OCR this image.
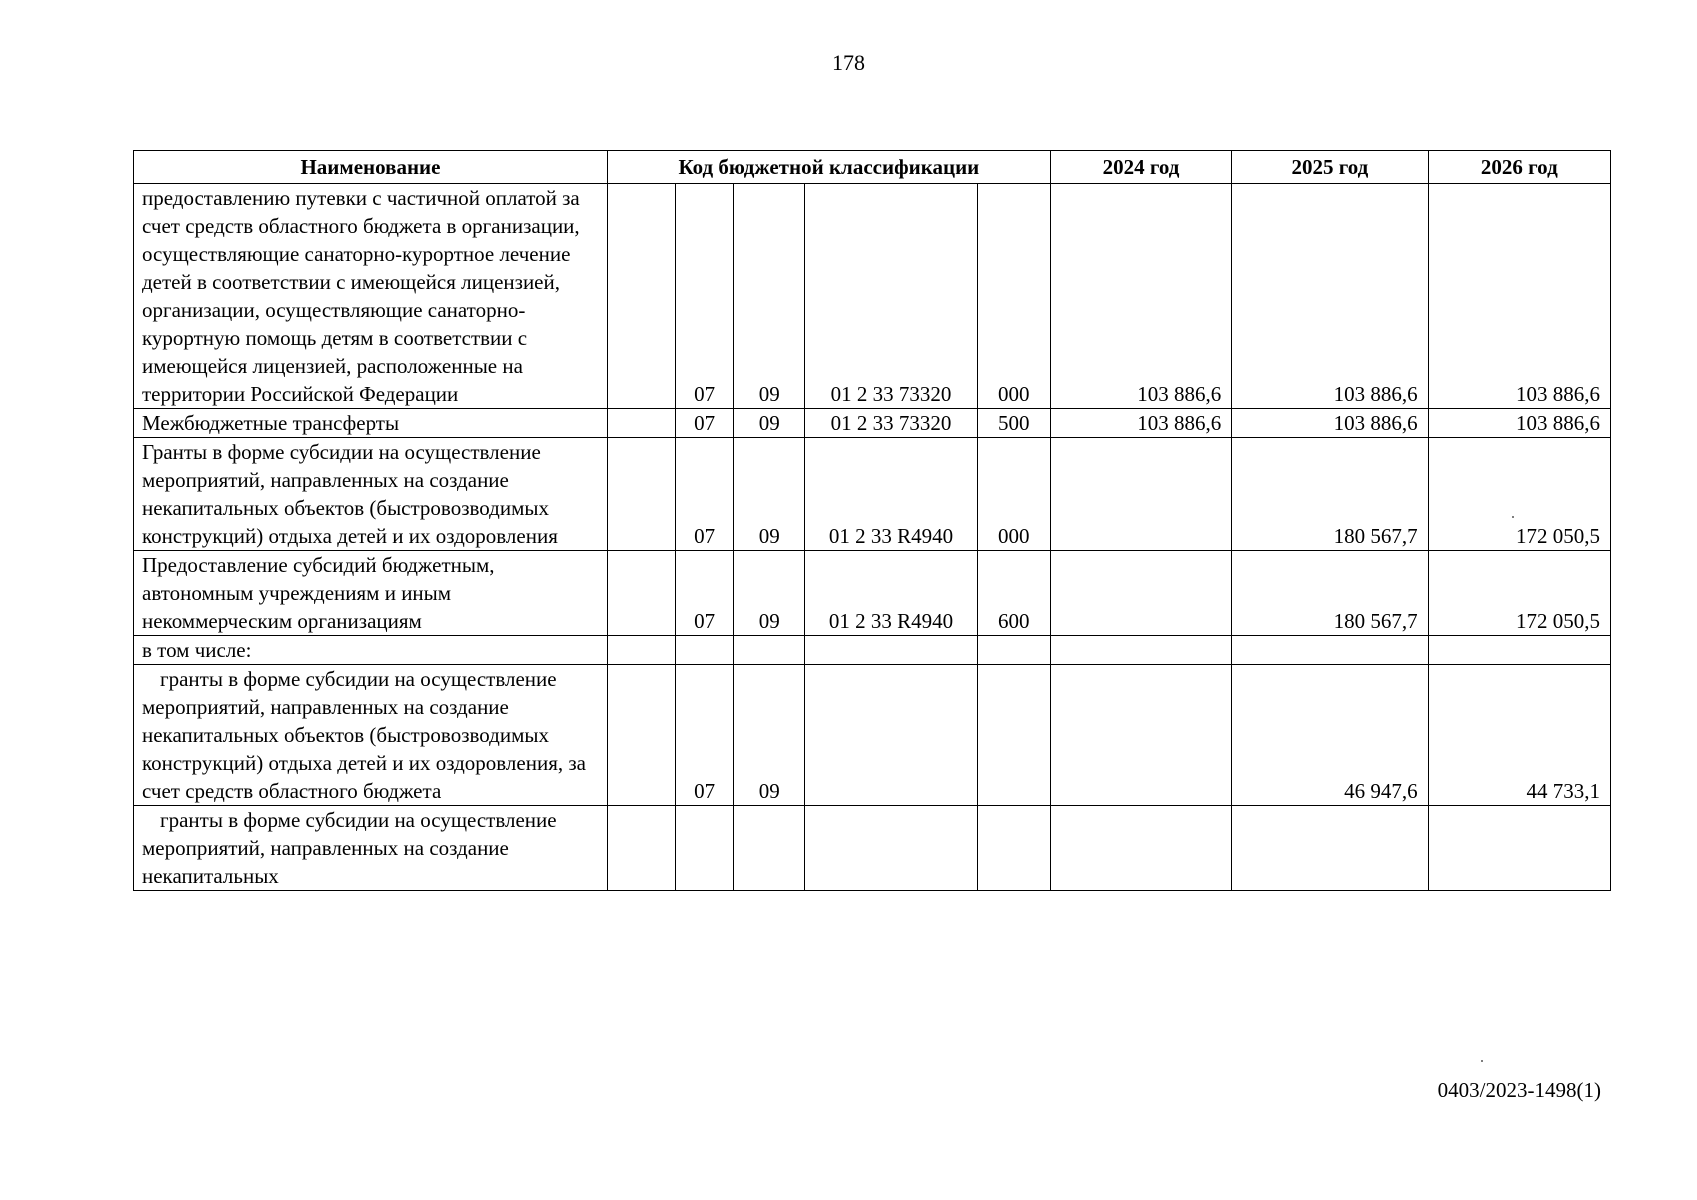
178
Наименование	Код бюджетной классификации					2024 год	2025 год	2026 год
предоставлению путевки с частичной оплатой за счет средств областного бюджета в организации, осуществляющие санаторно-курортное лечение детей в соответствии с имеющейся лицензией, организации, осуществляющие санаторно-курортную помощь детям в соответствии с имеющейся лицензией, расположенные на территории Российской Федерации		07	09	01 2 33 73320	000	103 886,6	103 886,6	103 886,6
Межбюджетные трансферты		07	09	01 2 33 73320	500	103 886,6	103 886,6	103 886,6
Гранты в форме субсидии на осуществление мероприятий, направленных на создание некапитальных объектов (быстровозводимых конструкций) отдыха детей и их оздоровления		07	09	01 2 33 R4940	000		180 567,7	172 050,5
Предоставление субсидий бюджетным, автономным учреждениям и иным некоммерческим организациям		07	09	01 2 33 R4940	600		180 567,7	172 050,5
в том числе:								
гранты в форме субсидии на осуществление мероприятий, направленных на создание некапитальных объектов (быстровозводимых конструкций) отдыха детей и их оздоровления, за счет средств областного бюджета		07	09				46 947,6	44 733,1
гранты в форме субсидии на осуществление мероприятий, направленных на создание некапитальных								
0403/2023-1498(1)
